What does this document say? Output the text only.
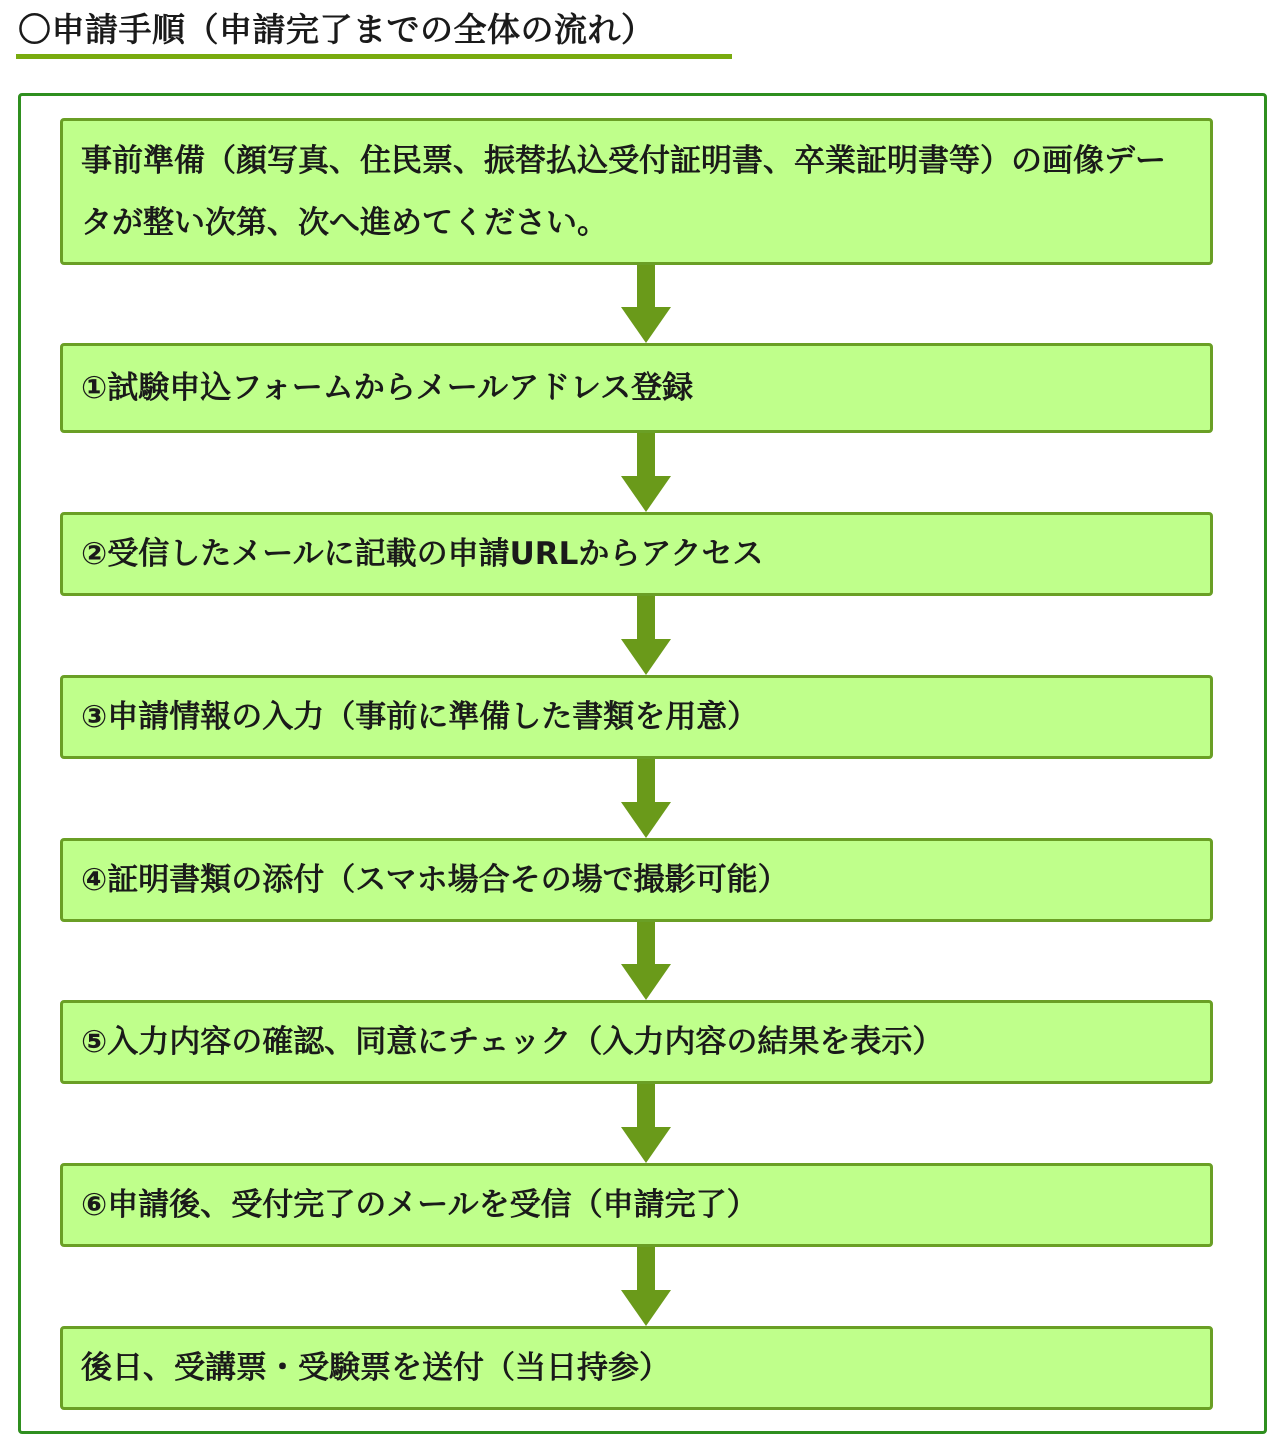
〇申請手順（申請完了までの全体の流れ）
事前準備（顔写真、住民票、振替払込受付証明書、卒業証明書等）の画像データが整い次第、次へ進めてください。
①試験申込フォームからメールアドレス登録
②受信したメールに記載の申請URLからアクセス
③申請情報の入力（事前に準備した書類を用意）
④証明書類の添付（スマホ場合その場で撮影可能）
⑤入力内容の確認、同意にチェック（入力内容の結果を表示）
⑥申請後、受付完了のメールを受信（申請完了）
後日、受講票・受験票を送付（当日持参）
